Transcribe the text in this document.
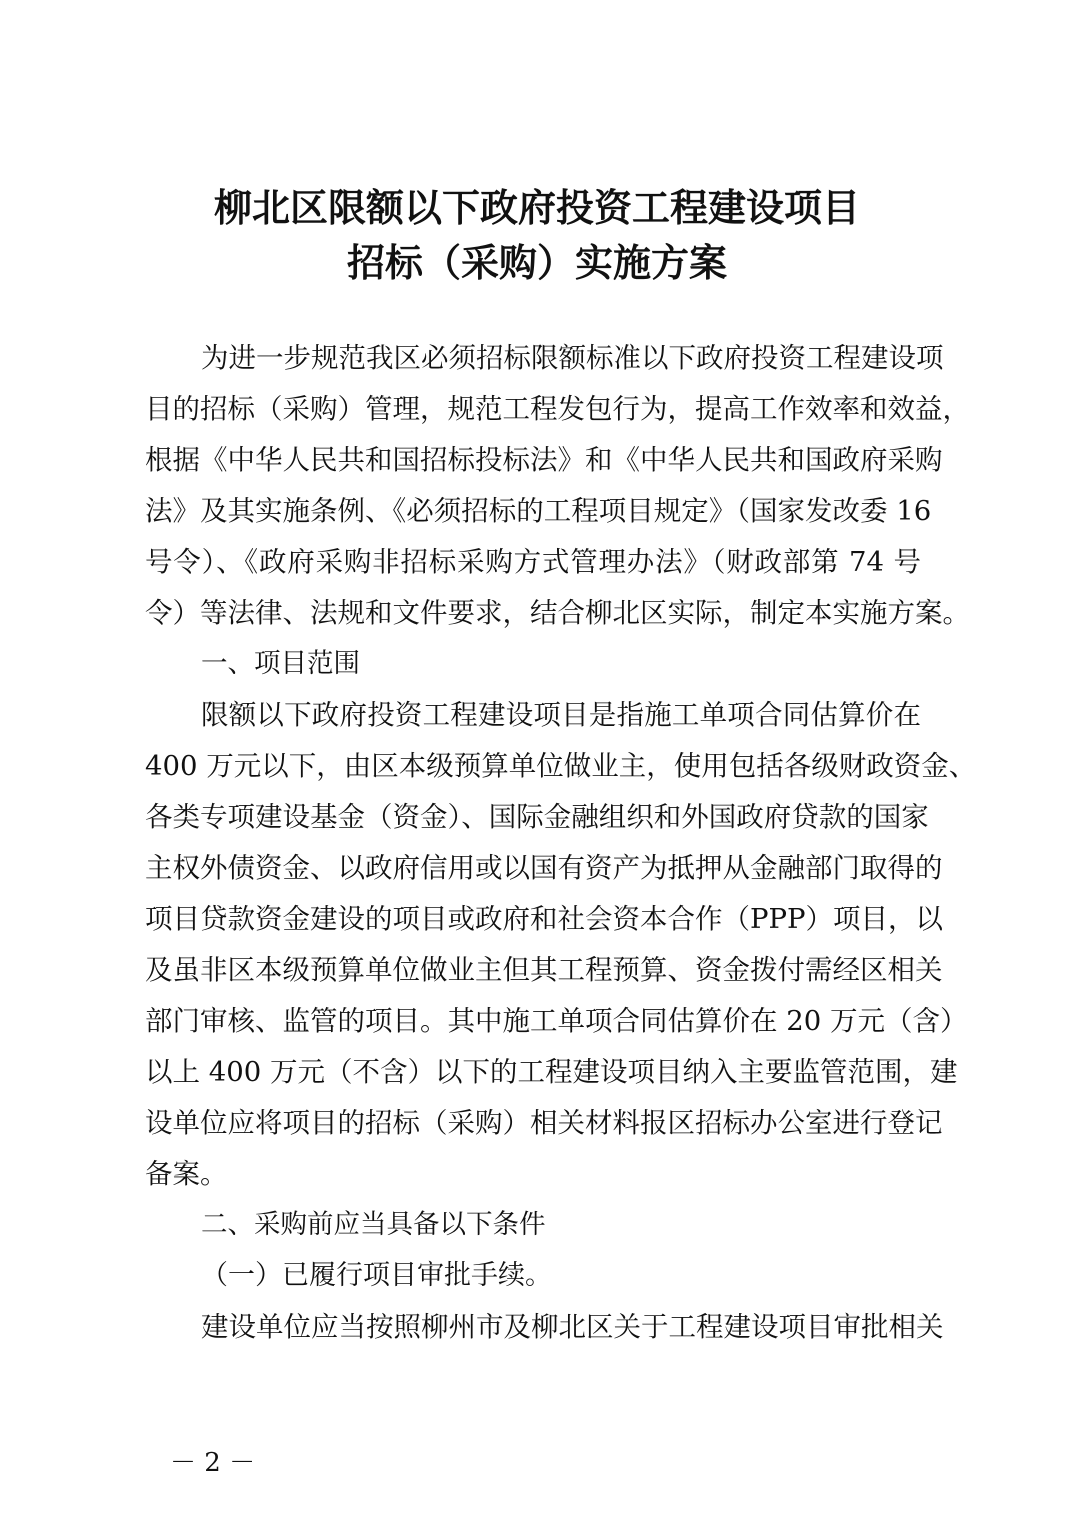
柳北区限额以下政府投资工程建设项目
招标（采购）实施方案
为进一步规范我区必须招标限额标准以下政府投资工程建设项
目的招标（采购）管理，规范工程发包行为，提高工作效率和效益，
根据《中华人民共和国招标投标法》和《中华人民共和国政府采购
法》及其实施条例、《必须招标的工程项目规定》（国家发改委 16
号令）、《政府采购非招标采购方式管理办法》（财政部第 74 号
令）等法律、法规和文件要求，结合柳北区实际，制定本实施方案。
一、项目范围
限额以下政府投资工程建设项目是指施工单项合同估算价在
400 万元以下，由区本级预算单位做业主，使用包括各级财政资金、
各类专项建设基金（资金）、国际金融组织和外国政府贷款的国家
主权外债资金、以政府信用或以国有资产为抵押从金融部门取得的
项目贷款资金建设的项目或政府和社会资本合作（PPP）项目，以
及虽非区本级预算单位做业主但其工程预算、资金拨付需经区相关
部门审核、监管的项目。其中施工单项合同估算价在 20 万元（含）
以上 400 万元（不含）以下的工程建设项目纳入主要监管范围，建
设单位应将项目的招标（采购）相关材料报区招标办公室进行登记
备案。
二、采购前应当具备以下条件
（一）已履行项目审批手续。
建设单位应当按照柳州市及柳北区关于工程建设项目审批相关
－ 2 －
